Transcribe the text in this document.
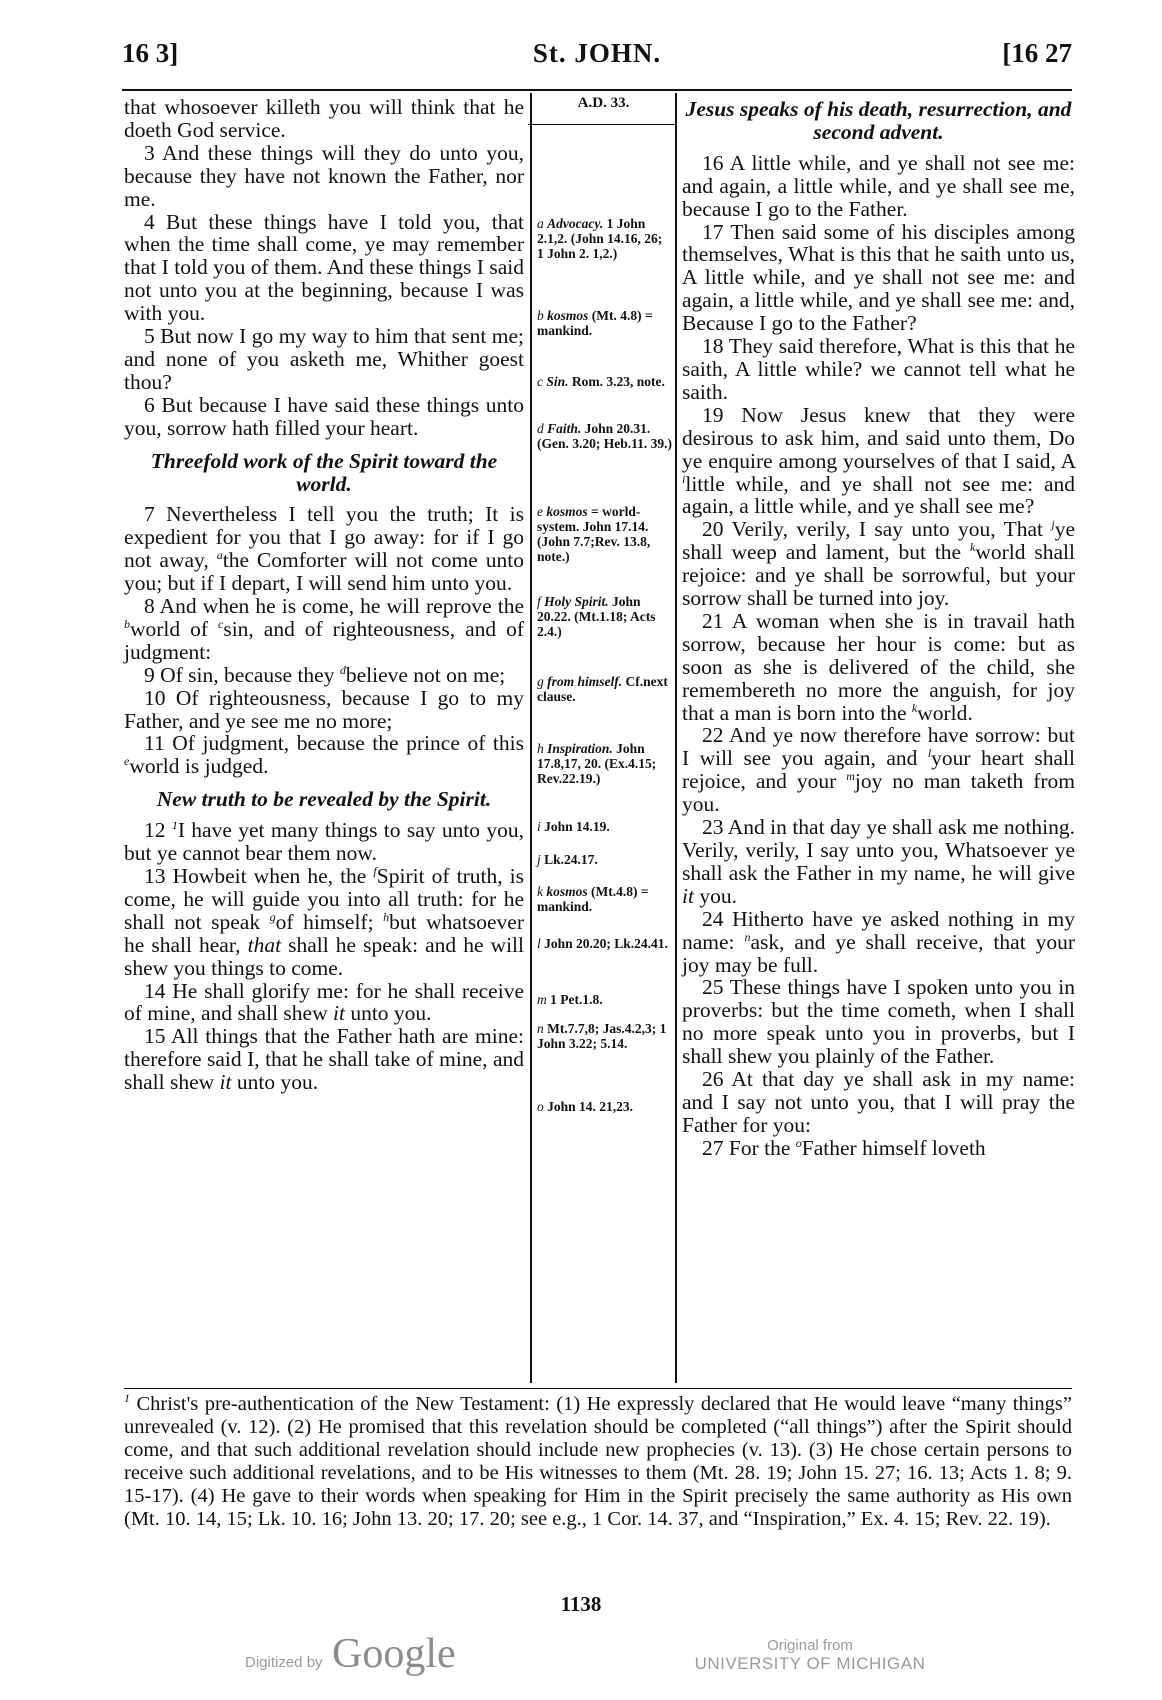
16 3]	St. JOHN.	[16 27

that whosoever killeth you will think that he doeth God service.

3 And these things will they do unto you, because they have not known the Father, nor me.

4 But these things have I told you, that when the time shall come, ye may remember that I told you of them. And these things I said not unto you at the beginning, because I was with you.

5 But now I go my way to him that sent me; and none of you asketh me, Whither goest thou?

6 But because I have said these things unto you, sorrow hath filled your heart.

Threefold work of the Spirit toward the world.

7 Nevertheless I tell you the truth; It is expedient for you that I go away: for if I go not away, $^a$the Comforter will not come unto you; but if I depart, I will send him unto you.

8 And when he is come, he will reprove the $^b$world of $^c$sin, and of righteousness, and of judgment:

9 Of sin, because they $^d$believe not on me;

10 Of righteousness, because I go to my Father, and ye see me no more;

11 Of judgment, because the prince of this $^e$world is judged.

New truth to be revealed by the Spirit.

12 $^1$I have yet many things to say unto you, but ye cannot bear them now.

13 Howbeit when he, the $^f$Spirit of truth, is come, he will guide you into all truth: for he shall not speak $^g$of himself; $^h$but whatsoever he shall hear, that shall he speak: and he will shew you things to come.

14 He shall glorify me: for he shall receive of mine, and shall shew it unto you.

15 All things that the Father hath are mine: therefore said I, that he shall take of mine, and shall shew it unto you.

A.D. 33.
a Advocacy. 1 John 2.1,2. (John 14.16, 26; 1 John 2. 1,2.)
b kosmos (Mt. 4.8) = mankind.
c Sin. Rom. 3.23, note.
d Faith. John 20.31. (Gen. 3.20; Heb.11. 39.)
e kosmos = world-system. John 17.14. (John 7.7;Rev. 13.8, note.)
f Holy Spirit. John 20.22. (Mt.1.18; Acts 2.4.)
g from himself. Cf.next clause.
h Inspiration. John 17.8,17, 20. (Ex.4.15; Rev.22.19.)
i John 14.19.
j Lk.24.17.
k kosmos (Mt.4.8) = mankind.
l John 20.20; Lk.24.41.
m 1 Pet.1.8.
n Mt.7.7,8; Jas.4.2,3; 1 John 3.22; 5.14.
o John 14. 21,23.

Jesus speaks of his death, resurrection, and second advent.

16 A little while, and ye shall not see me: and again, a little while, and ye shall see me, because I go to the Father.

17 Then said some of his disciples among themselves, What is this that he saith unto us, A little while, and ye shall not see me: and again, a little while, and ye shall see me: and, Because I go to the Father?

18 They said therefore, What is this that he saith, A little while? we cannot tell what he saith.

19 Now Jesus knew that they were desirous to ask him, and said unto them, Do ye enquire among yourselves of that I said, A $^i$little while, and ye shall not see me: and again, a little while, and ye shall see me?

20 Verily, verily, I say unto you, That $^j$ye shall weep and lament, but the $^k$world shall rejoice: and ye shall be sorrowful, but your sorrow shall be turned into joy.

21 A woman when she is in travail hath sorrow, because her hour is come: but as soon as she is delivered of the child, she remembereth no more the anguish, for joy that a man is born into the $^k$world.

22 And ye now therefore have sorrow: but I will see you again, and $^l$your heart shall rejoice, and your $^m$joy no man taketh from you.

23 And in that day ye shall ask me nothing. Verily, verily, I say unto you, Whatsoever ye shall ask the Father in my name, he will give it you.

24 Hitherto have ye asked nothing in my name: $^n$ask, and ye shall receive, that your joy may be full.

25 These things have I spoken unto you in proverbs: but the time cometh, when I shall no more speak unto you in proverbs, but I shall shew you plainly of the Father.

26 At that day ye shall ask in my name: and I say not unto you, that I will pray the Father for you:

27 For the $^o$Father himself loveth

$^1$ Christ's pre-authentication of the New Testament: (1) He expressly declared that He would leave “many things” unrevealed (v. 12). (2) He promised that this revelation should be completed (“all things”) after the Spirit should come, and that such additional revelation should include new prophecies (v. 13). (3) He chose certain persons to receive such additional revelations, and to be His witnesses to them (Mt. 28. 19; John 15. 27; 16. 13; Acts 1. 8; 9. 15-17). (4) He gave to their words when speaking for Him in the Spirit precisely the same authority as His own (Mt. 10. 14, 15; Lk. 10. 16; John 13. 20; 17. 20; see e.g., 1 Cor. 14. 37, and “Inspiration,” Ex. 4. 15; Rev. 22. 19).
1138
Digitized by Google	Original from
UNIVERSITY OF MICHIGAN
